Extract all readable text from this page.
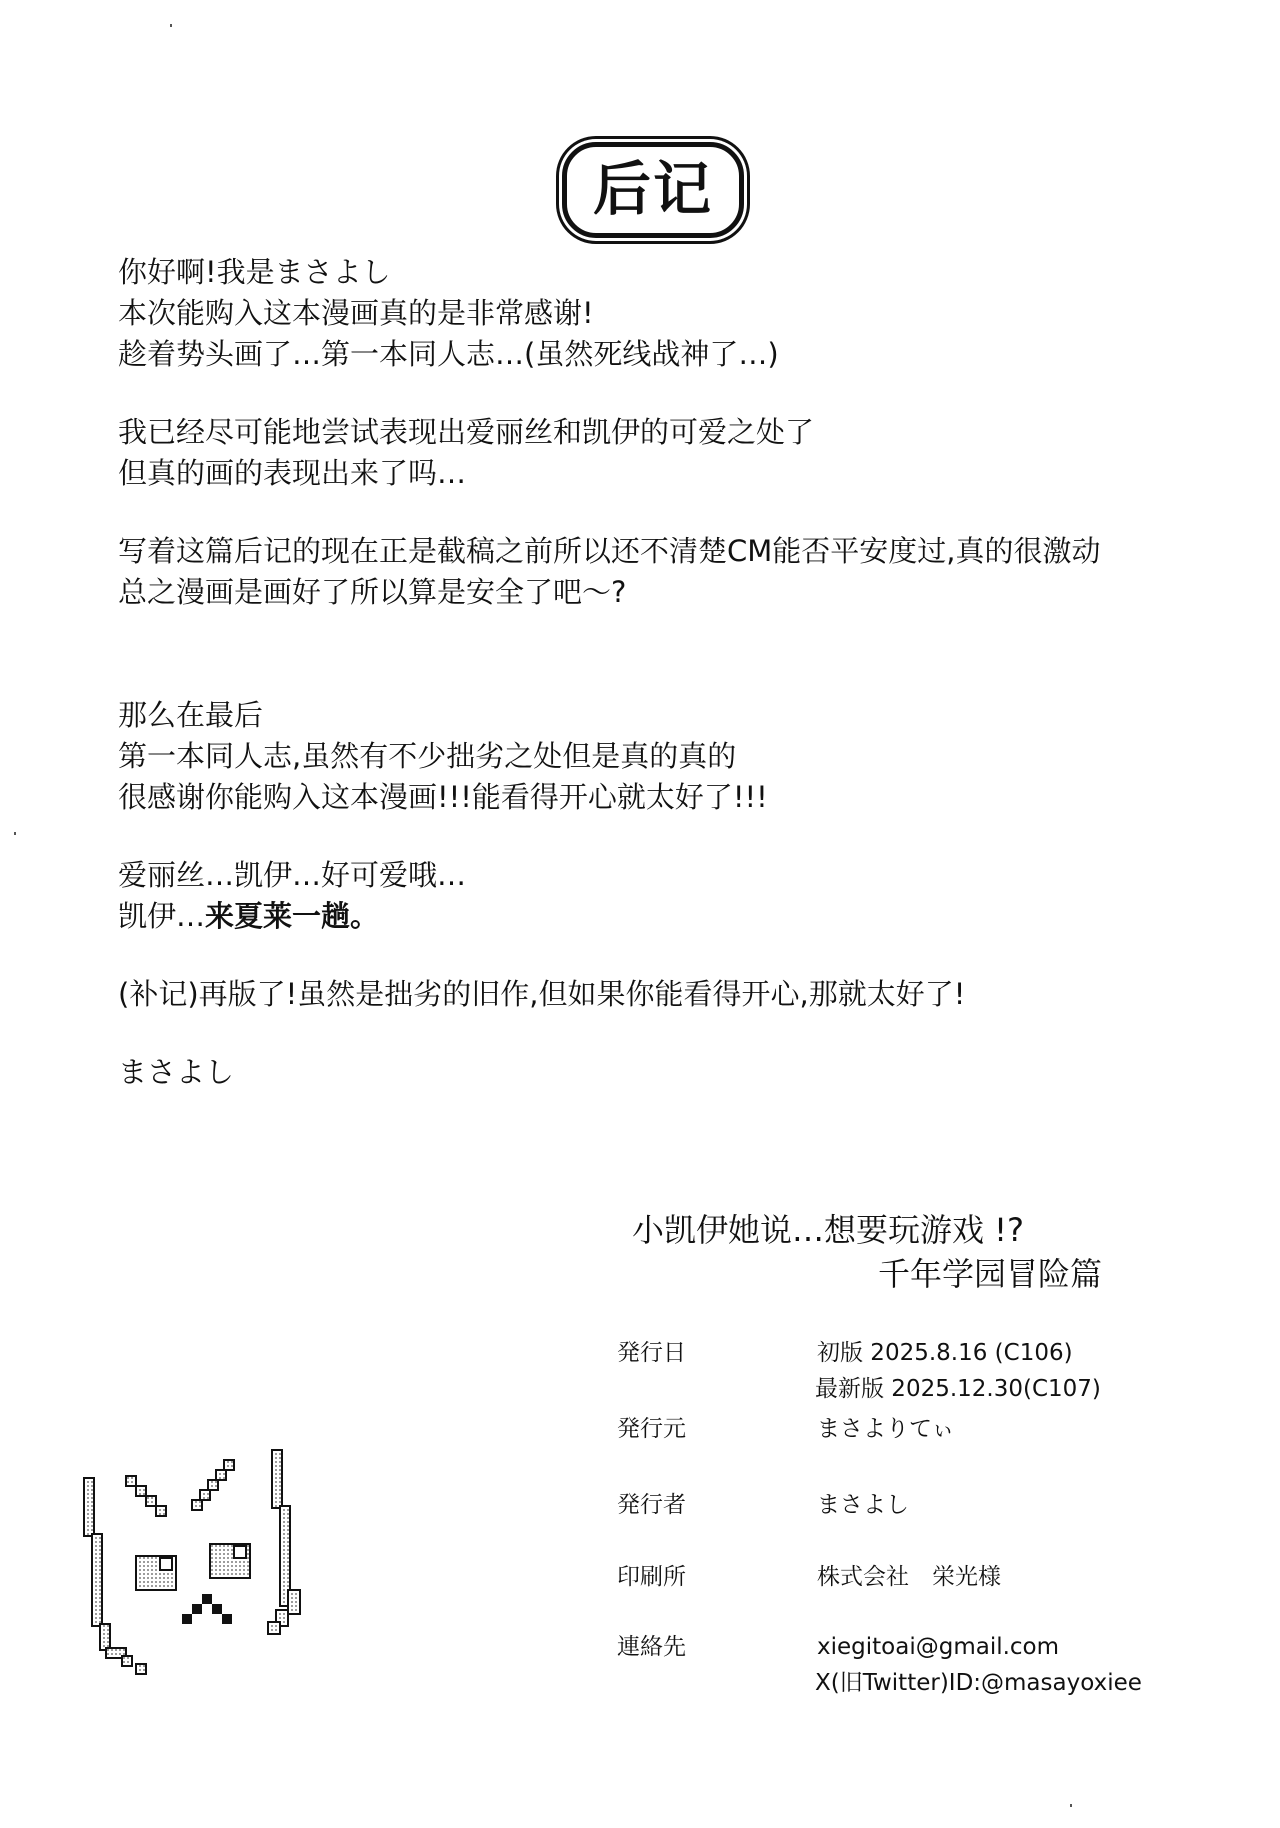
后记
你好啊!我是まさよし
本次能购入这本漫画真的是非常感谢!
趁着势头画了…第一本同人志…(虽然死线战神了…)
我已经尽可能地尝试表现出爱丽丝和凯伊的可爱之处了
但真的画的表现出来了吗…
写着这篇后记的现在正是截稿之前所以还不清楚CM能否平安度过,真的很激动
总之漫画是画好了所以算是安全了吧～?
那么在最后
第一本同人志,虽然有不少拙劣之处但是真的真的
很感谢你能购入这本漫画!!!能看得开心就太好了!!!
爱丽丝…凯伊…好可爱哦…
凯伊…来夏莱一趟。
(补记)再版了!虽然是拙劣的旧作,但如果你能看得开心,那就太好了!
まさよし
小凯伊她说…想要玩游戏 !?
千年学园冒险篇
発行日	初版 2025.8.16 (C106)
最新版 2025.12.30(C107)
発行元	まさよりてぃ
発行者	まさよし
印刷所	株式会社　栄光様
連絡先	xiegitoai@gmail.com
X(旧Twitter)ID:@masayoxiee
